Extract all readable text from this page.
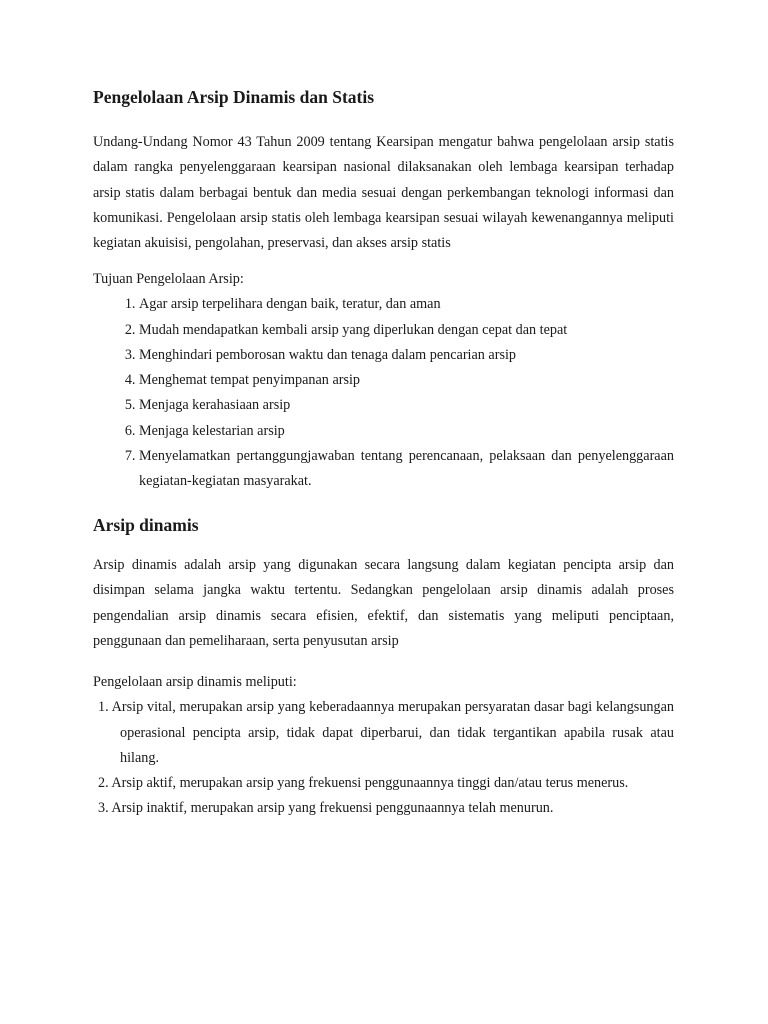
Pengelolaan Arsip Dinamis dan Statis

Undang-Undang Nomor 43 Tahun 2009 tentang Kearsipan mengatur bahwa pengelolaan arsip statis dalam rangka penyelenggaraan kearsipan nasional dilaksanakan oleh lembaga kearsipan terhadap arsip statis dalam berbagai bentuk dan media sesuai dengan perkembangan teknologi informasi dan komunikasi. Pengelolaan arsip statis oleh lembaga kearsipan sesuai wilayah kewenangannya meliputi kegiatan akuisisi, pengolahan, preservasi, dan akses arsip statis

Tujuan Pengelolaan Arsip:

1. Agar arsip terpelihara dengan baik, teratur, dan aman
2. Mudah mendapatkan kembali arsip yang diperlukan dengan cepat dan tepat
3. Menghindari pemborosan waktu dan tenaga dalam pencarian arsip
4. Menghemat tempat penyimpanan arsip
5. Menjaga kerahasiaan arsip
6. Menjaga kelestarian arsip
7. Menyelamatkan pertanggungjawaban tentang perencanaan, pelaksaan dan penyelenggaraan kegiatan-kegiatan masyarakat.
Arsip dinamis

Arsip dinamis adalah arsip yang digunakan secara langsung dalam kegiatan pencipta arsip dan disimpan selama jangka waktu tertentu. Sedangkan pengelolaan arsip dinamis adalah proses pengendalian arsip dinamis secara efisien, efektif, dan sistematis yang meliputi penciptaan, penggunaan dan pemeliharaan, serta penyusutan arsip

Pengelolaan arsip dinamis meliputi:

1. Arsip vital, merupakan arsip yang keberadaannya merupakan persyaratan dasar bagi kelangsungan operasional pencipta arsip, tidak dapat diperbarui, dan tidak tergantikan apabila rusak atau hilang.

2. Arsip aktif, merupakan arsip yang frekuensi penggunaannya tinggi dan/atau terus menerus.

3. Arsip inaktif, merupakan arsip yang frekuensi penggunaannya telah menurun.
